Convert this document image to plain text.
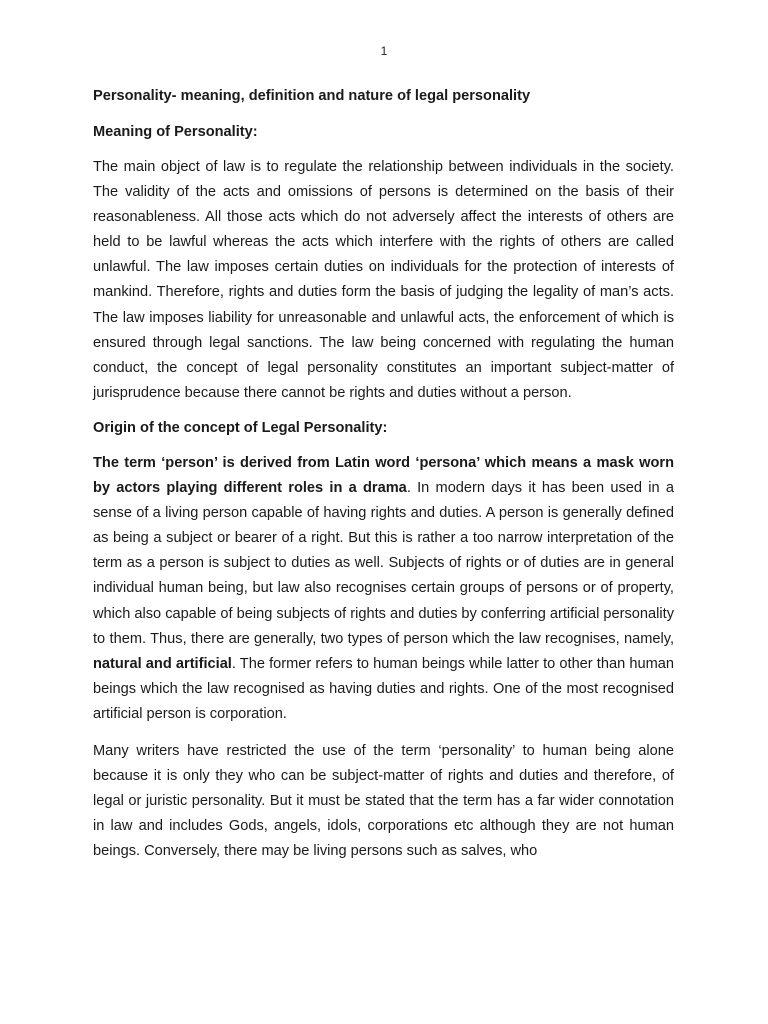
1
Personality- meaning, definition and nature of legal personality
Meaning of Personality:

The main object of law is to regulate the relationship between individuals in the society. The validity of the acts and omissions of persons is determined on the basis of their reasonableness. All those acts which do not adversely affect the interests of others are held to be lawful whereas the acts which interfere with the rights of others are called unlawful. The law imposes certain duties on individuals for the protection of interests of mankind. Therefore, rights and duties form the basis of judging the legality of man’s acts. The law imposes liability for unreasonable and unlawful acts, the enforcement of which is ensured through legal sanctions. The law being concerned with regulating the human conduct, the concept of legal personality constitutes an important subject-matter of jurisprudence because there cannot be rights and duties without a person.

Origin of the concept of Legal Personality:

The term ‘person’ is derived from Latin word ‘persona’ which means a mask worn by actors playing different roles in a drama. In modern days it has been used in a sense of a living person capable of having rights and duties. A person is generally defined as being a subject or bearer of a right. But this is rather a too narrow interpretation of the term as a person is subject to duties as well. Subjects of rights or of duties are in general individual human being, but law also recognises certain groups of persons or of property, which also capable of being subjects of rights and duties by conferring artificial personality to them. Thus, there are generally, two types of person which the law recognises, namely, natural and artificial. The former refers to human beings while latter to other than human beings which the law recognised as having duties and rights. One of the most recognised artificial person is corporation.

Many writers have restricted the use of the term ‘personality’ to human being alone because it is only they who can be subject-matter of rights and duties and therefore, of legal or juristic personality. But it must be stated that the term has a far wider connotation in law and includes Gods, angels, idols, corporations etc although they are not human beings. Conversely, there may be living persons such as salves, who
